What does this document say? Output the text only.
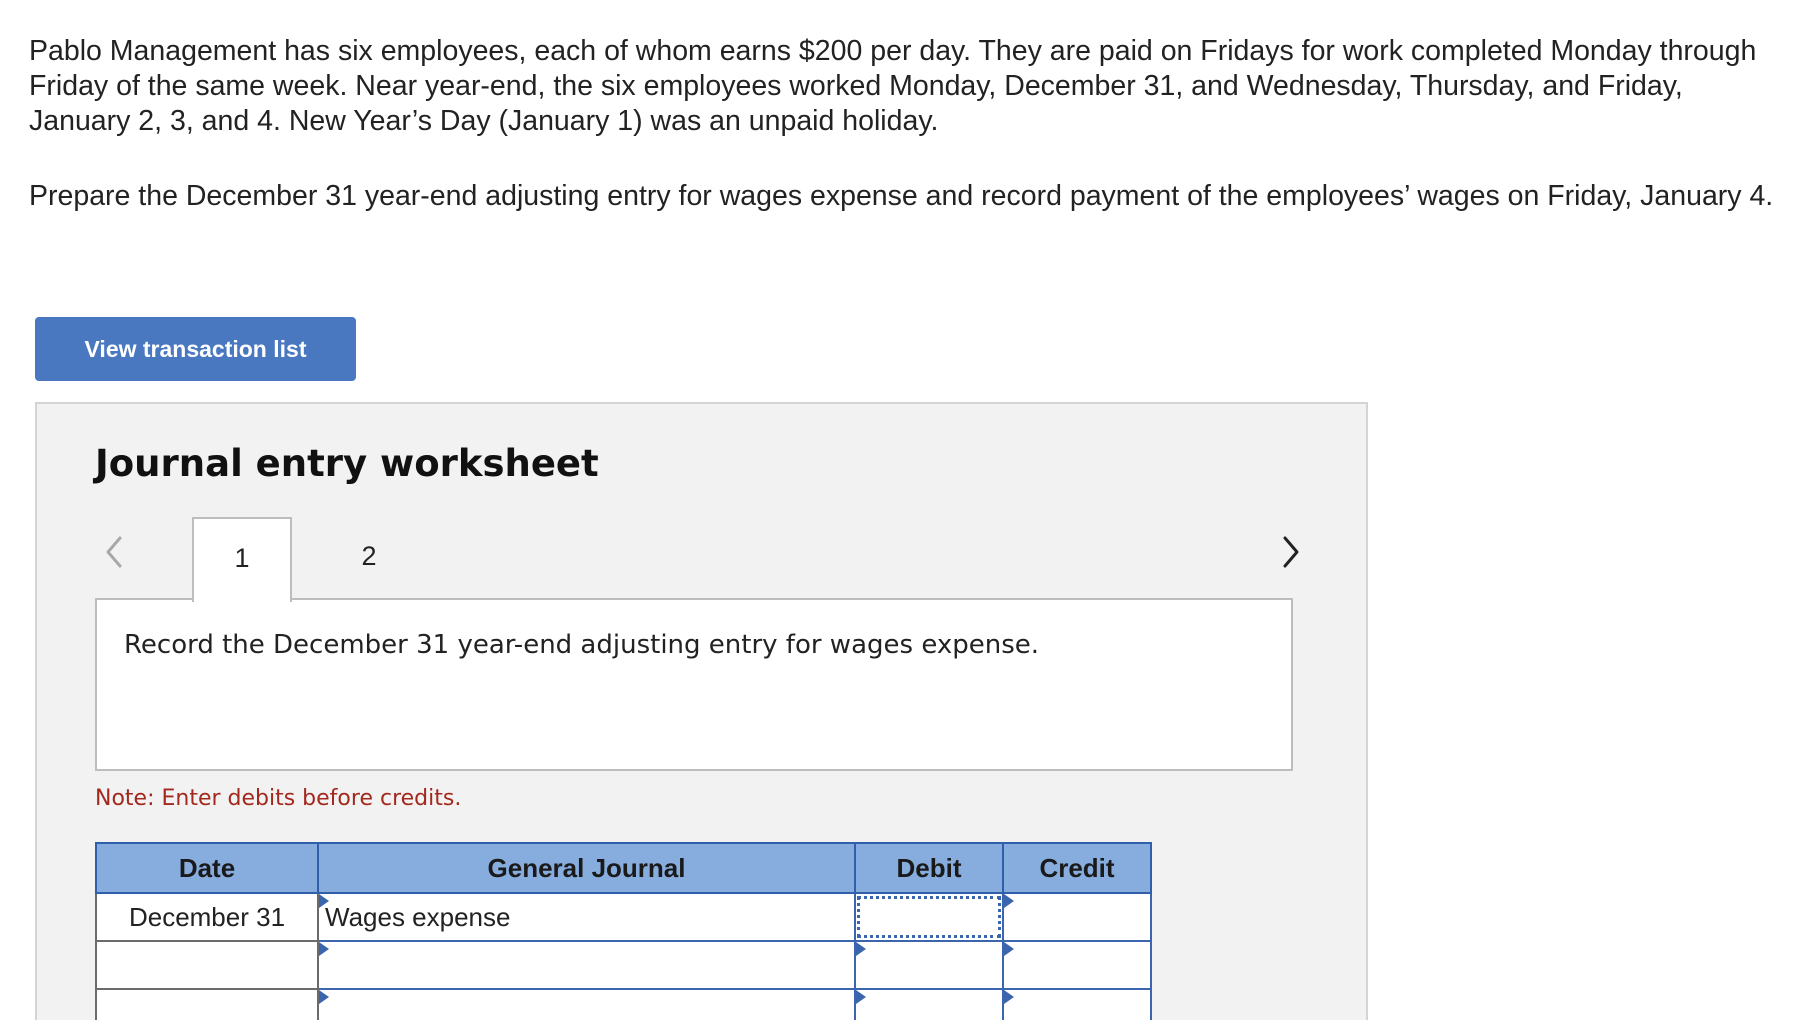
Pablo Management has six employees, each of whom earns $200 per day. They are paid on Fridays for work completed Monday through Friday of the same week. Near year-end, the six employees worked Monday, December 31, and Wednesday, Thursday, and Friday, January 2, 3, and 4. New Year’s Day (January 1) was an unpaid holiday.

Prepare the December 31 year-end adjusting entry for wages expense and record payment of the employees’ wages on Friday, January 4.

View transaction list
Journal entry worksheet
1	2

Record the December 31 year-end adjusting entry for wages expense.

Note: Enter debits before credits.

Date	General Journal	Debit	Credit
December 31	Wages expense		
